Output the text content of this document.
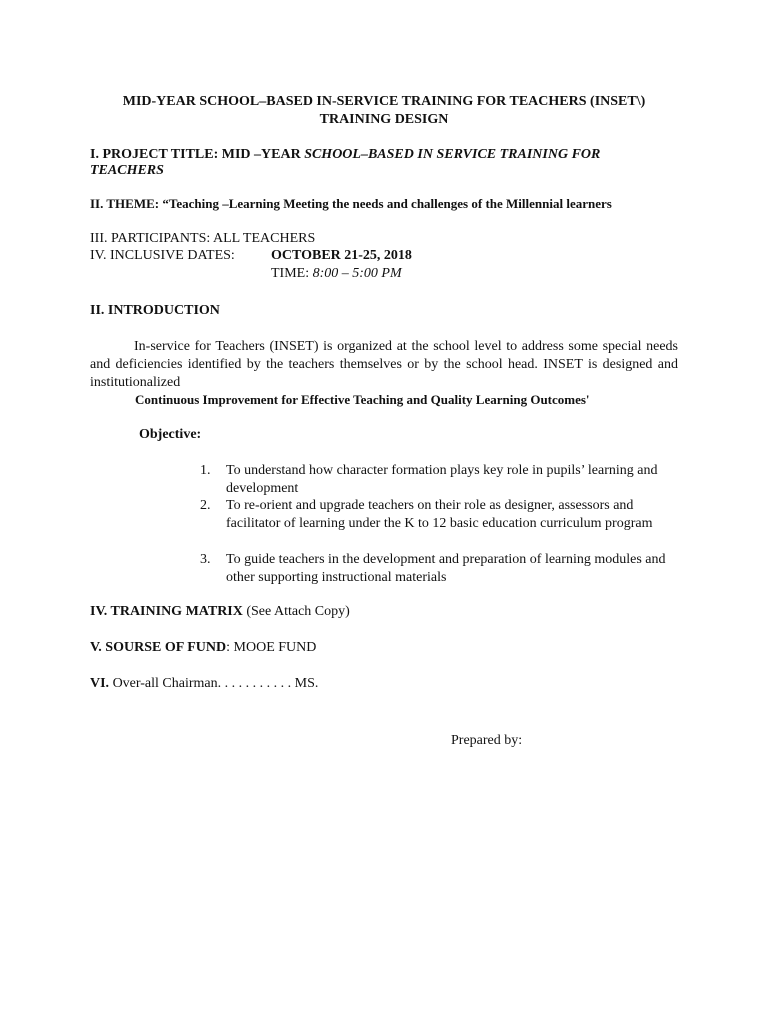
MID-YEAR SCHOOL–BASED IN-SERVICE TRAINING FOR TEACHERS (INSET\)
TRAINING DESIGN
I. PROJECT TITLE: MID –YEAR SCHOOL–BASED IN SERVICE TRAINING FOR
TEACHERS
II. THEME: “Teaching –Learning Meeting the needs and challenges of the Millennial learners
III. PARTICIPANTS: ALL TEACHERS
IV. INCLUSIVE DATES:	OCTOBER 21-25, 2018
TIME: 8:00 – 5:00 PM
II. INTRODUCTION
In-service for Teachers (INSET) is organized at the school level to address some special needs and deficiencies identified by the teachers themselves or by the school head. INSET is designed and institutionalized
Continuous Improvement for Effective Teaching and Quality Learning Outcomes'
Objective:
1.	To understand how character formation plays key role in pupils’ learning and development
2.	To re-orient and upgrade teachers on their role as designer, assessors and facilitator of learning under the K to 12 basic education curriculum program
3.	To guide teachers in the development and preparation of learning modules and other supporting instructional materials
IV. TRAINING MATRIX (See Attach Copy)
V. SOURSE OF FUND: MOOE FUND
VI. Over-all Chairman. . . . . . . . . . . MS.
Prepared by:
